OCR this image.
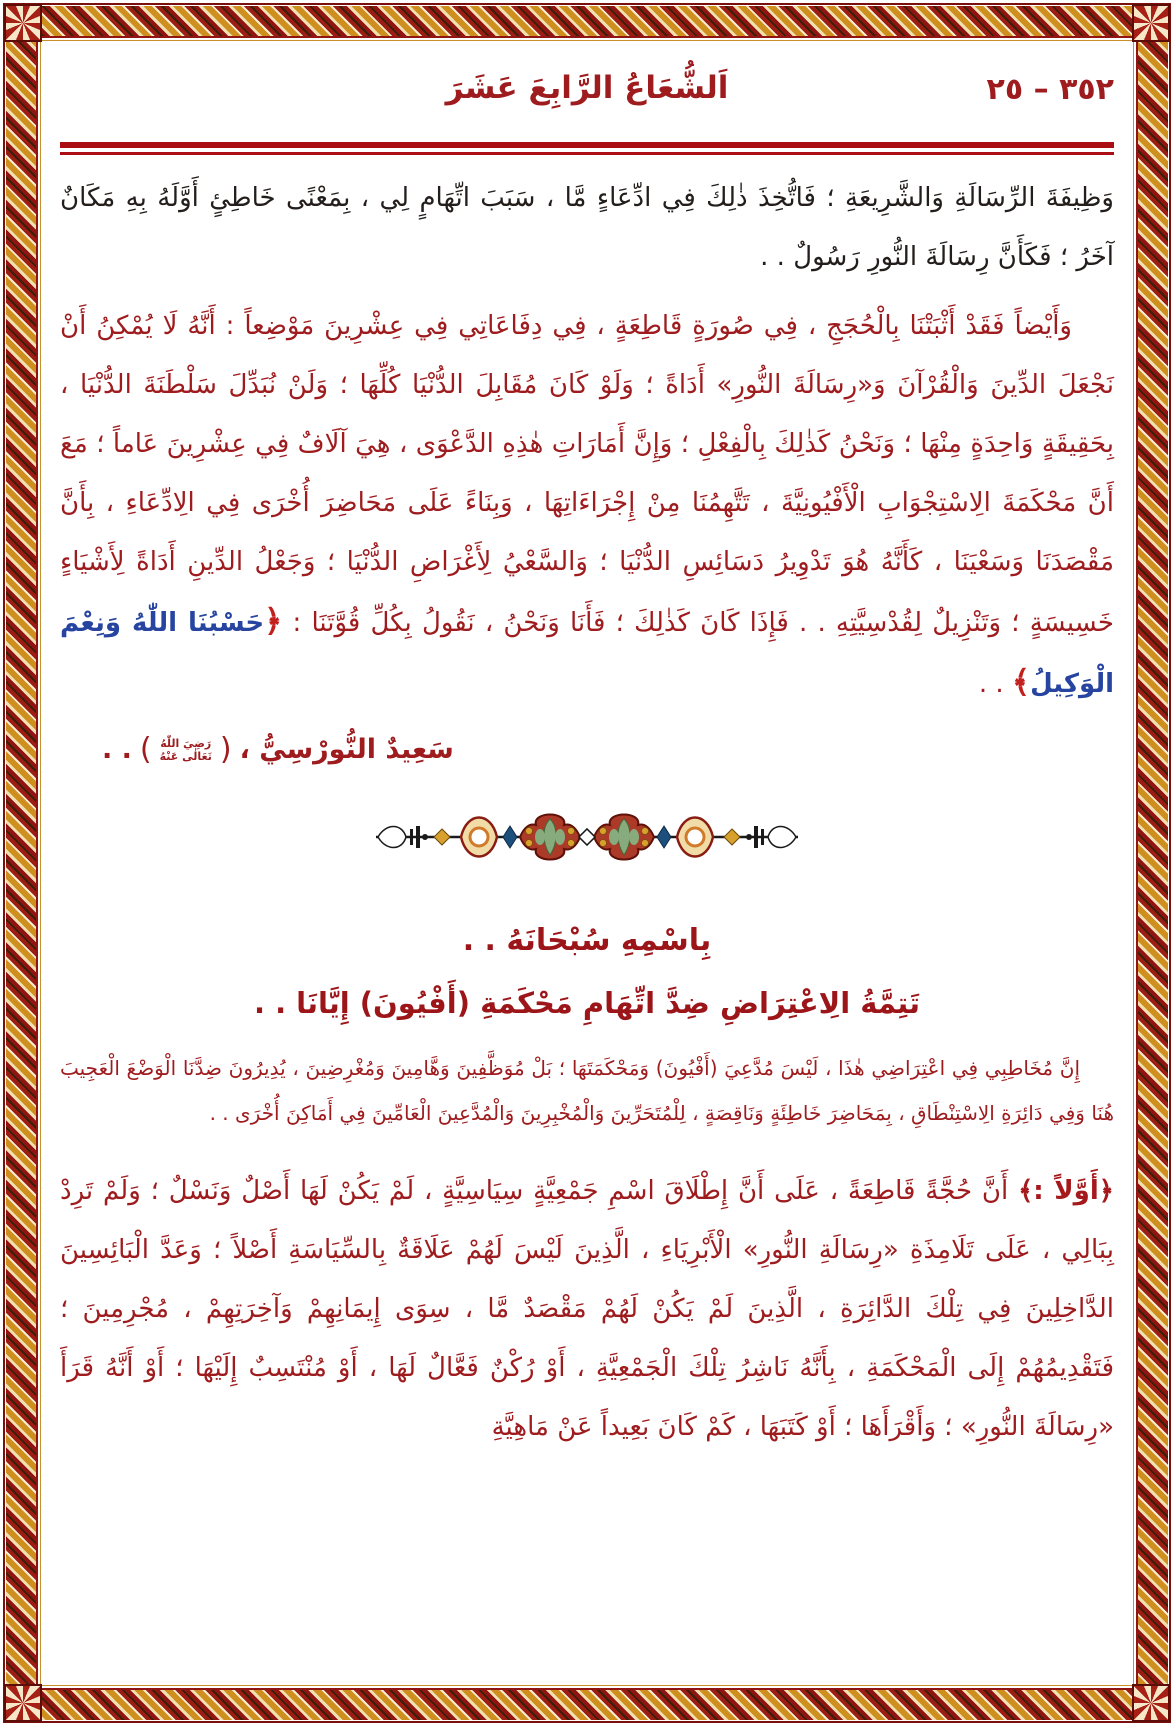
٣٥٢ – ٢٥
اَلشُّعَاعُ الرَّابِعَ عَشَرَ

وَظِيفَةَ الرِّسَالَةِ وَالشَّرِيعَةِ ؛ فَاتُّخِذَ ذٰلِكَ فِي ادِّعَاءٍ مَّا ، سَبَبَ اتِّهَامٍ لِي ، بِمَعْنًى خَاطِئٍ أَوَّلَهُ بِهِ مَكَانٌ آخَرُ ؛ فَكَأَنَّ رِسَالَةَ النُّورِ رَسُولٌ . .

وَأَيْضاً فَقَدْ أَثْبَتْنَا بِالْحُجَجِ ، فِي صُورَةٍ قَاطِعَةٍ ، فِي دِفَاعَاتِي فِي عِشْرِينَ مَوْضِعاً : أَنَّهُ لَا يُمْكِنُ أَنْ نَجْعَلَ الدِّينَ وَالْقُرْآنَ وَ«رِسَالَةَ النُّورِ» أَدَاةً ؛ وَلَوْ كَانَ مُقَابِلَ الدُّنْيَا كُلِّهَا ؛ وَلَنْ نُبَدِّلَ سَلْطَنَةَ الدُّنْيَا ، بِحَقِيقَةٍ وَاحِدَةٍ مِنْهَا ؛ وَنَحْنُ كَذٰلِكَ بِالْفِعْلِ ؛ وَإِنَّ أَمَارَاتِ هٰذِهِ الدَّعْوَى ، هِيَ آلَافٌ فِي عِشْرِينَ عَاماً ؛ مَعَ أَنَّ مَحْكَمَةَ الِاسْتِجْوَابِ الْأَفْيُونِيَّةَ ، تَتَّهِمُنَا مِنْ إِجْرَاءَاتِهَا ، وَبِنَاءً عَلَى مَحَاضِرَ أُخْرَى فِي الِادِّعَاءِ ، بِأَنَّ مَقْصَدَنَا وَسَعْيَنَا ، كَأَنَّهُ هُوَ تَدْوِيرُ دَسَائِسِ الدُّنْيَا ؛ وَالسَّعْيُ لِأَغْرَاضِ الدُّنْيَا ؛ وَجَعْلُ الدِّينِ أَدَاةً لِأَشْيَاءٍ خَسِيسَةٍ ؛ وَتَنْزِيلٌ لِقُدْسِيَّتِهِ . . فَإِذَا كَانَ كَذٰلِكَ ؛ فَأَنَا وَنَحْنُ ، نَقُولُ بِكُلِّ قُوَّتَنَا : ﴿حَسْبُنَا اللّٰهُ وَنِعْمَ الْوَكِيلُ﴾ . .

سَعِيدٌ النُّورْسِيُّ ،
(
رَضِيَ اللّٰهُ
تَعَالٰى عَنْهُ
)
. .
بِاسْمِهِ سُبْحَانَهُ . .
تَتِمَّةُ الِاعْتِرَاضِ ضِدَّ اتِّهَامِ مَحْكَمَةِ (أَفْيُونَ) إِيَّانَا . .

إِنَّ مُخَاطِبِي فِي اعْتِرَاضِي هٰذَا ، لَيْسَ مُدَّعِيَ (أَفْيُونَ) وَمَحْكَمَتَهَا ؛ بَلْ مُوَظَّفِينَ وَهَّامِينَ وَمُغْرِضِينَ ، يُدِيرُونَ ضِدَّنَا الْوَضْعَ الْعَجِيبَ هُنَا وَفِي دَائِرَةِ الِاسْتِنْطَاقِ ، بِمَحَاضِرَ خَاطِئَةٍ وَنَاقِصَةٍ ، لِلْمُتَحَرِّينَ وَالْمُخْبِرِينَ وَالْمُدَّعِينَ الْعَامِّينَ فِي أَمَاكِنَ أُخْرَى . .

﴿أَوَّلاً :﴾ أَنَّ حُجَّةً قَاطِعَةً ، عَلَى أَنَّ إِطْلَاقَ اسْمِ جَمْعِيَّةٍ سِيَاسِيَّةٍ ، لَمْ يَكُنْ لَهَا أَصْلٌ وَنَسْلٌ ؛ وَلَمْ تَرِدْ بِبَالِي ، عَلَى تَلَامِذَةِ «رِسَالَةِ النُّورِ» الْأَبْرِيَاءِ ، الَّذِينَ لَيْسَ لَهُمْ عَلَاقَةٌ بِالسِّيَاسَةِ أَصْلاً ؛ وَعَدَّ الْبَائِسِينَ الدَّاخِلِينَ فِي تِلْكَ الدَّائِرَةِ ، الَّذِينَ لَمْ يَكُنْ لَهُمْ مَقْصَدٌ مَّا ، سِوَى إِيمَانِهِمْ وَآخِرَتِهِمْ ، مُجْرِمِينَ ؛ فَتَقْدِيمُهُمْ إِلَى الْمَحْكَمَةِ ، بِأَنَّهُ نَاشِرُ تِلْكَ الْجَمْعِيَّةِ ، أَوْ رُكْنٌ فَعَّالٌ لَهَا ، أَوْ مُنْتَسِبٌ إِلَيْهَا ؛ أَوْ أَنَّهُ قَرَأَ «رِسَالَةَ النُّورِ» ؛ وَأَقْرَأَهَا ؛ أَوْ كَتَبَهَا ، كَمْ كَانَ بَعِيداً عَنْ مَاهِيَّةِ
